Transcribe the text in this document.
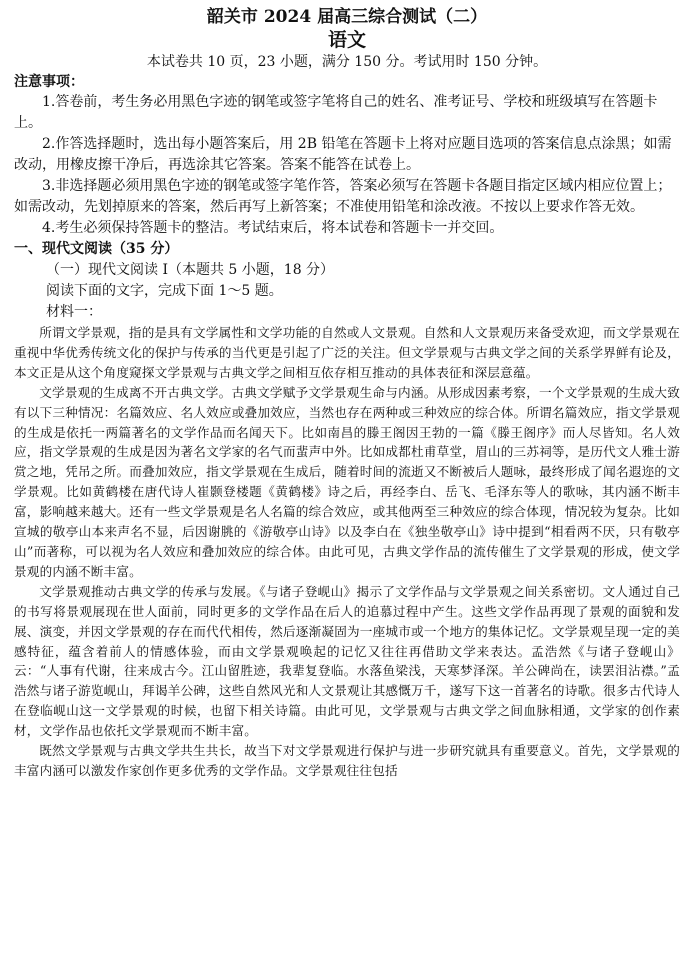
韶关市 2024 届高三综合测试（二）
语文
本试卷共 10 页，23 小题，满分 150 分。考试用时 150 分钟。
注意事项：

1.答卷前，考生务必用黑色字迹的钢笔或签字笔将自己的姓名、准考证号、学校和班级填写在答题卡上。

2.作答选择题时，选出每小题答案后，用 2B 铅笔在答题卡上将对应题目选项的答案信息点涂黑；如需改动，用橡皮擦干净后，再选涂其它答案。答案不能答在试卷上。

3.非选择题必须用黑色字迹的钢笔或签字笔作答，答案必须写在答题卡各题目指定区域内相应位置上；如需改动，先划掉原来的答案，然后再写上新答案；不准使用铅笔和涂改液。不按以上要求作答无效。

4.考生必须保持答题卡的整洁。考试结束后，将本试卷和答题卡一并交回。

一、现代文阅读（35 分）
（一）现代文阅读 I（本题共 5 小题，18 分）
阅读下面的文字，完成下面 1～5 题。
材料一：

所谓文学景观，指的是具有文学属性和文学功能的自然或人文景观。自然和人文景观历来备受欢迎，而文学景观在重视中华优秀传统文化的保护与传承的当代更是引起了广泛的关注。但文学景观与古典文学之间的关系学界鲜有论及，本文正是从这个角度窥探文学景观与古典文学之间相互依存相互推动的具体表征和深层意蕴。

文学景观的生成离不开古典文学。古典文学赋予文学景观生命与内涵。从形成因素考察，一个文学景观的生成大致有以下三种情况：名篇效应、名人效应或叠加效应，当然也存在两种或三种效应的综合体。所谓名篇效应，指文学景观的生成是依托一两篇著名的文学作品而名闻天下。比如南昌的滕王阁因王勃的一篇《滕王阁序》而人尽皆知。名人效应，指文学景观的生成是因为著名文学家的名气而蜚声中外。比如成都杜甫草堂，眉山的三苏祠等，是历代文人雅士游赏之地，凭吊之所。而叠加效应，指文学景观在生成后，随着时间的流逝又不断被后人题咏，最终形成了闻名遐迩的文学景观。比如黄鹤楼在唐代诗人崔颢登楼题《黄鹤楼》诗之后，再经李白、岳飞、毛泽东等人的歌咏，其内涵不断丰富，影响越来越大。还有一些文学景观是名人名篇的综合效应，或其他两至三种效应的综合体现，情况较为复杂。比如宣城的敬亭山本来声名不显，后因谢朓的《游敬亭山诗》以及李白在《独坐敬亭山》诗中提到“相看两不厌，只有敬亭山”而著称，可以视为名人效应和叠加效应的综合体。由此可见，古典文学作品的流传催生了文学景观的形成，使文学景观的内涵不断丰富。

文学景观推动古典文学的传承与发展。《与诸子登岘山》揭示了文学作品与文学景观之间关系密切。文人通过自己的书写将景观展现在世人面前，同时更多的文学作品在后人的追慕过程中产生。这些文学作品再现了景观的面貌和发展、演变，并因文学景观的存在而代代相传，然后逐渐凝固为一座城市或一个地方的集体记忆。文学景观呈现一定的美感特征，蕴含着前人的情感体验，而由文学景观唤起的记忆又往往再借助文学来表达。孟浩然《与诸子登岘山》云：“人事有代谢，往来成古今。江山留胜迹，我辈复登临。水落鱼梁浅，天寒梦泽深。羊公碑尚在，读罢泪沾襟。”孟浩然与诸子游览岘山，拜谒羊公碑，这些自然风光和人文景观让其感慨万千，遂写下这一首著名的诗歌。很多古代诗人在登临岘山这一文学景观的时候，也留下相关诗篇。由此可见，文学景观与古典文学之间血脉相通，文学家的创作素材，文学作品也依托文学景观而不断丰富。

既然文学景观与古典文学共生共长，故当下对文学景观进行保护与进一步研究就具有重要意义。首先，文学景观的丰富内涵可以激发作家创作更多优秀的文学作品。文学景观往往包括
